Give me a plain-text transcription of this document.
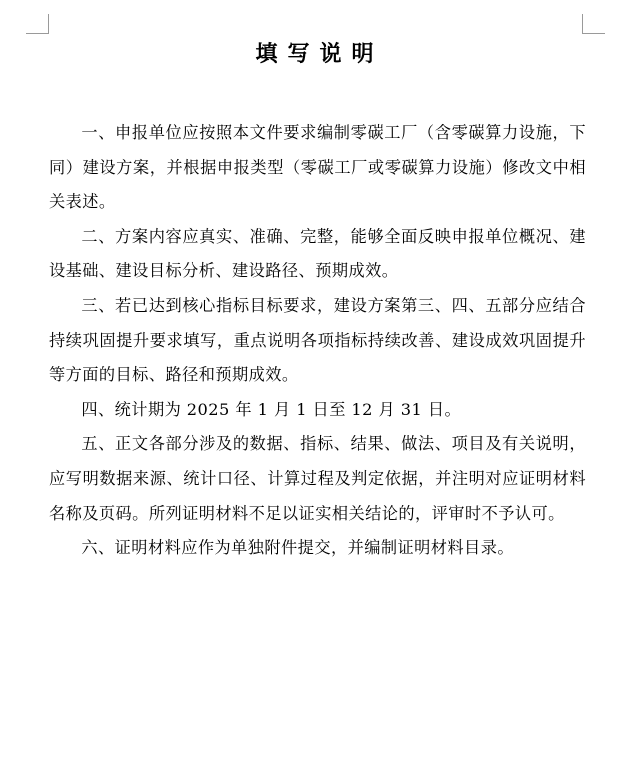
填写说明

一、申报单位应按照本文件要求编制零碳工厂（含零碳算力设施，下同）建设方案，并根据申报类型（零碳工厂或零碳算力设施）修改文中相关表述。

二、方案内容应真实、准确、完整，能够全面反映申报单位概况、建设基础、建设目标分析、建设路径、预期成效。

三、若已达到核心指标目标要求，建设方案第三、四、五部分应结合持续巩固提升要求填写，重点说明各项指标持续改善、建设成效巩固提升等方面的目标、路径和预期成效。

四、统计期为 2025 年 1 月 1 日至 12 月 31 日。

五、正文各部分涉及的数据、指标、结果、做法、项目及有关说明，应写明数据来源、统计口径、计算过程及判定依据，并注明对应证明材料名称及页码。所列证明材料不足以证实相关结论的，评审时不予认可。

六、证明材料应作为单独附件提交，并编制证明材料目录。
